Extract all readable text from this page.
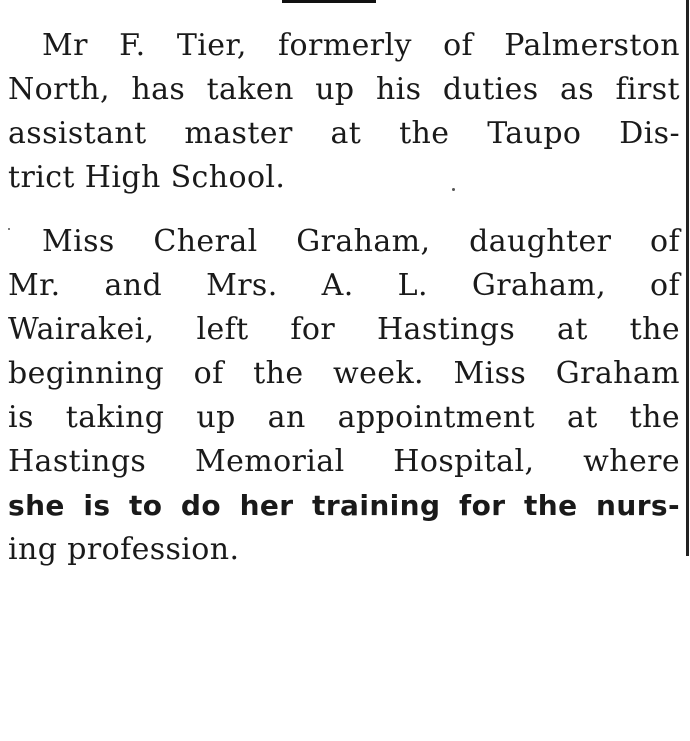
Mr F. Tier, formerly of Palmerston
North, has taken up his duties as first
assistant master at the Taupo Dis-
trict High School.

Miss Cheral Graham, daughter of
Mr. and Mrs. A. L. Graham, of
Wairakei, left for Hastings at the
beginning of the week. Miss Graham
is taking up an appointment at the
Hastings Memorial Hospital, where
she is to do her training for the nurs-
ing profession.
